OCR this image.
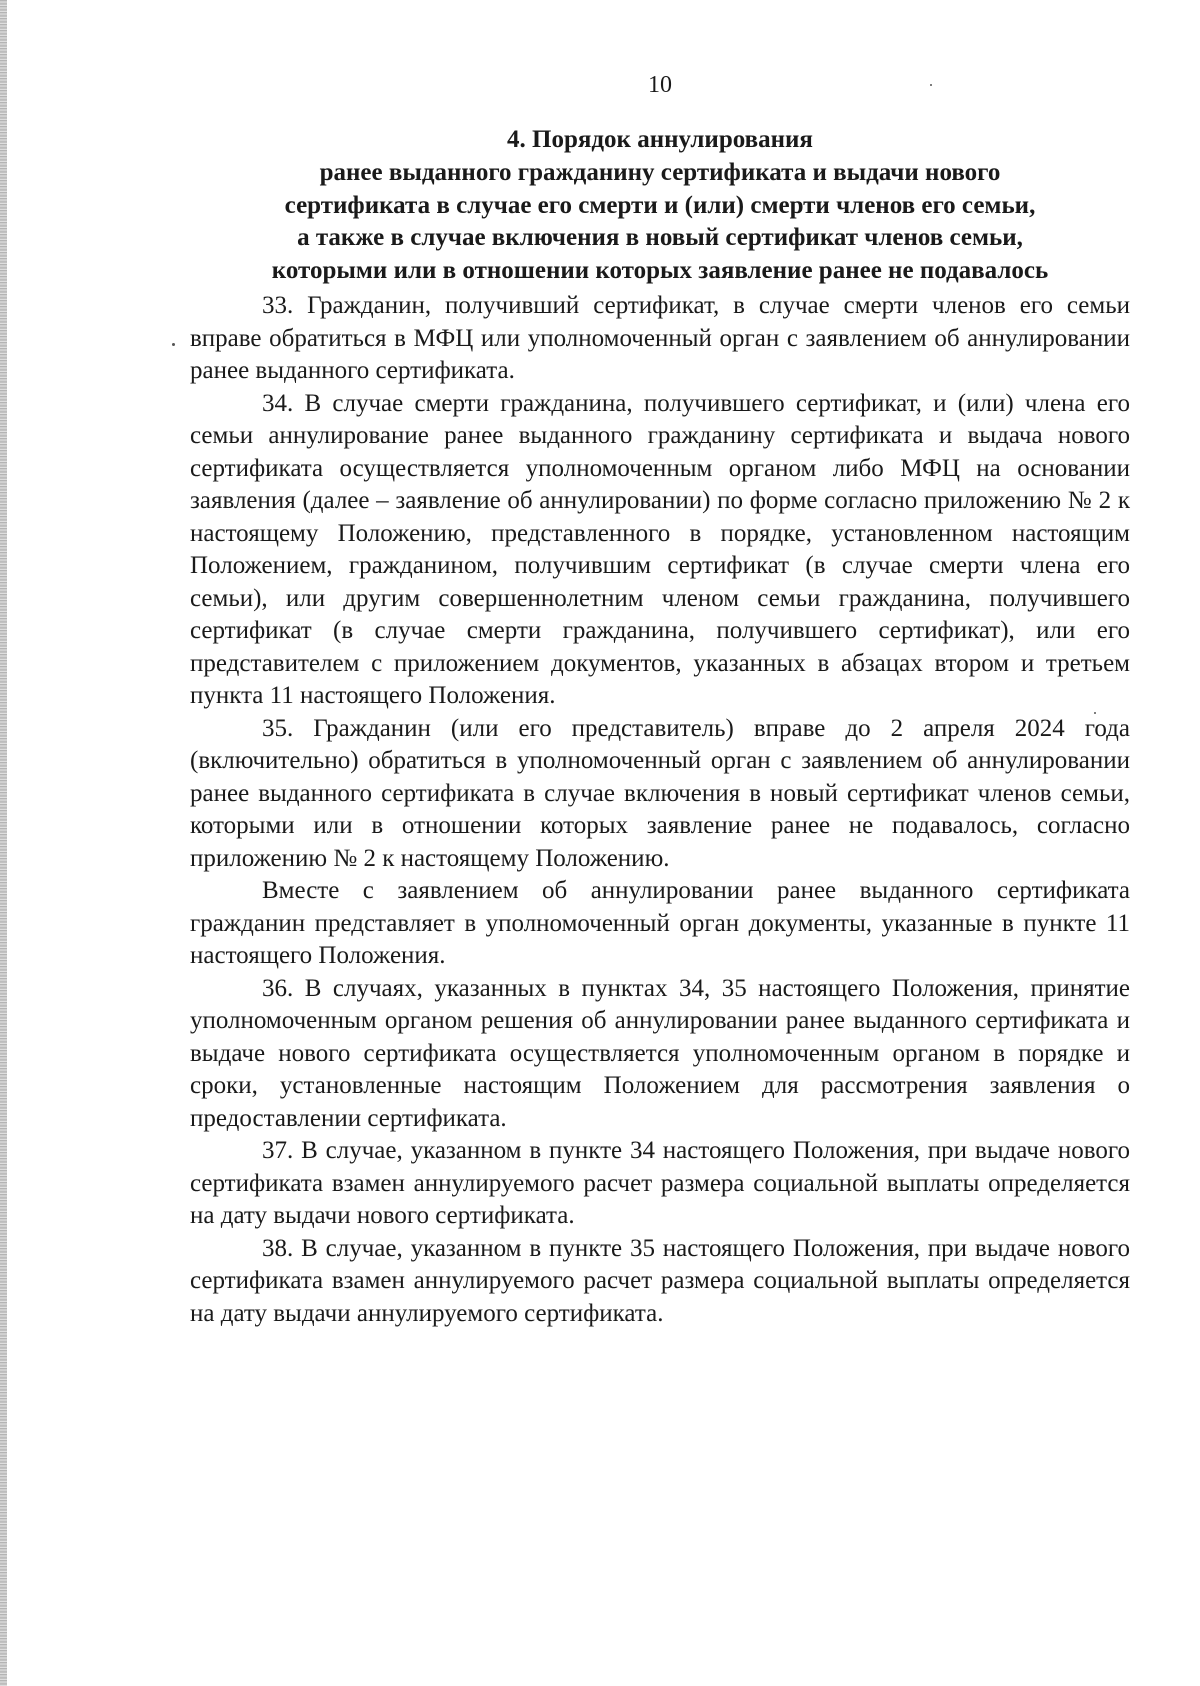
10
4. Порядок аннулирования
ранее выданного гражданину сертификата и выдачи нового
сертификата в случае его смерти и (или) смерти членов его семьи,
а также в случае включения в новый сертификат членов семьи,
которыми или в отношении которых заявление ранее не подавалось

33. Гражданин, получивший сертификат, в случае смерти членов его семьи вправе обратиться в МФЦ или уполномоченный орган с заявлением об аннулировании ранее выданного сертификата.

34. В случае смерти гражданина, получившего сертификат, и (или) члена его семьи аннулирование ранее выданного гражданину сертификата и выдача нового сертификата осуществляется уполномоченным органом либо МФЦ на основании заявления (далее – заявление об аннулировании) по форме согласно приложению № 2 к настоящему Положению, представленного в порядке, установленном настоящим Положением, гражданином, получившим сертификат (в случае смерти члена его семьи), или другим совершеннолетним членом семьи гражданина, получившего сертификат (в случае смерти гражданина, получившего сертификат), или его представителем с приложением документов, указанных в абзацах втором и третьем пункта 11 настоящего Положения.

35. Гражданин (или его представитель) вправе до 2 апреля 2024 года (включительно) обратиться в уполномоченный орган с заявлением об аннулировании ранее выданного сертификата в случае включения в новый сертификат членов семьи, которыми или в отношении которых заявление ранее не подавалось, согласно приложению № 2 к настоящему Положению.

Вместе с заявлением об аннулировании ранее выданного сертификата гражданин представляет в уполномоченный орган документы, указанные в пункте 11 настоящего Положения.

36. В случаях, указанных в пунктах 34, 35 настоящего Положения, принятие уполномоченным органом решения об аннулировании ранее выданного сертификата и выдаче нового сертификата осуществляется уполномоченным органом в порядке и сроки, установленные настоящим Положением для рассмотрения заявления о предоставлении сертификата.

37. В случае, указанном в пункте 34 настоящего Положения, при выдаче нового сертификата взамен аннулируемого расчет размера социальной выплаты определяется на дату выдачи нового сертификата.

38. В случае, указанном в пункте 35 настоящего Положения, при выдаче нового сертификата взамен аннулируемого расчет размера социальной выплаты определяется на дату выдачи аннулируемого сертификата.
